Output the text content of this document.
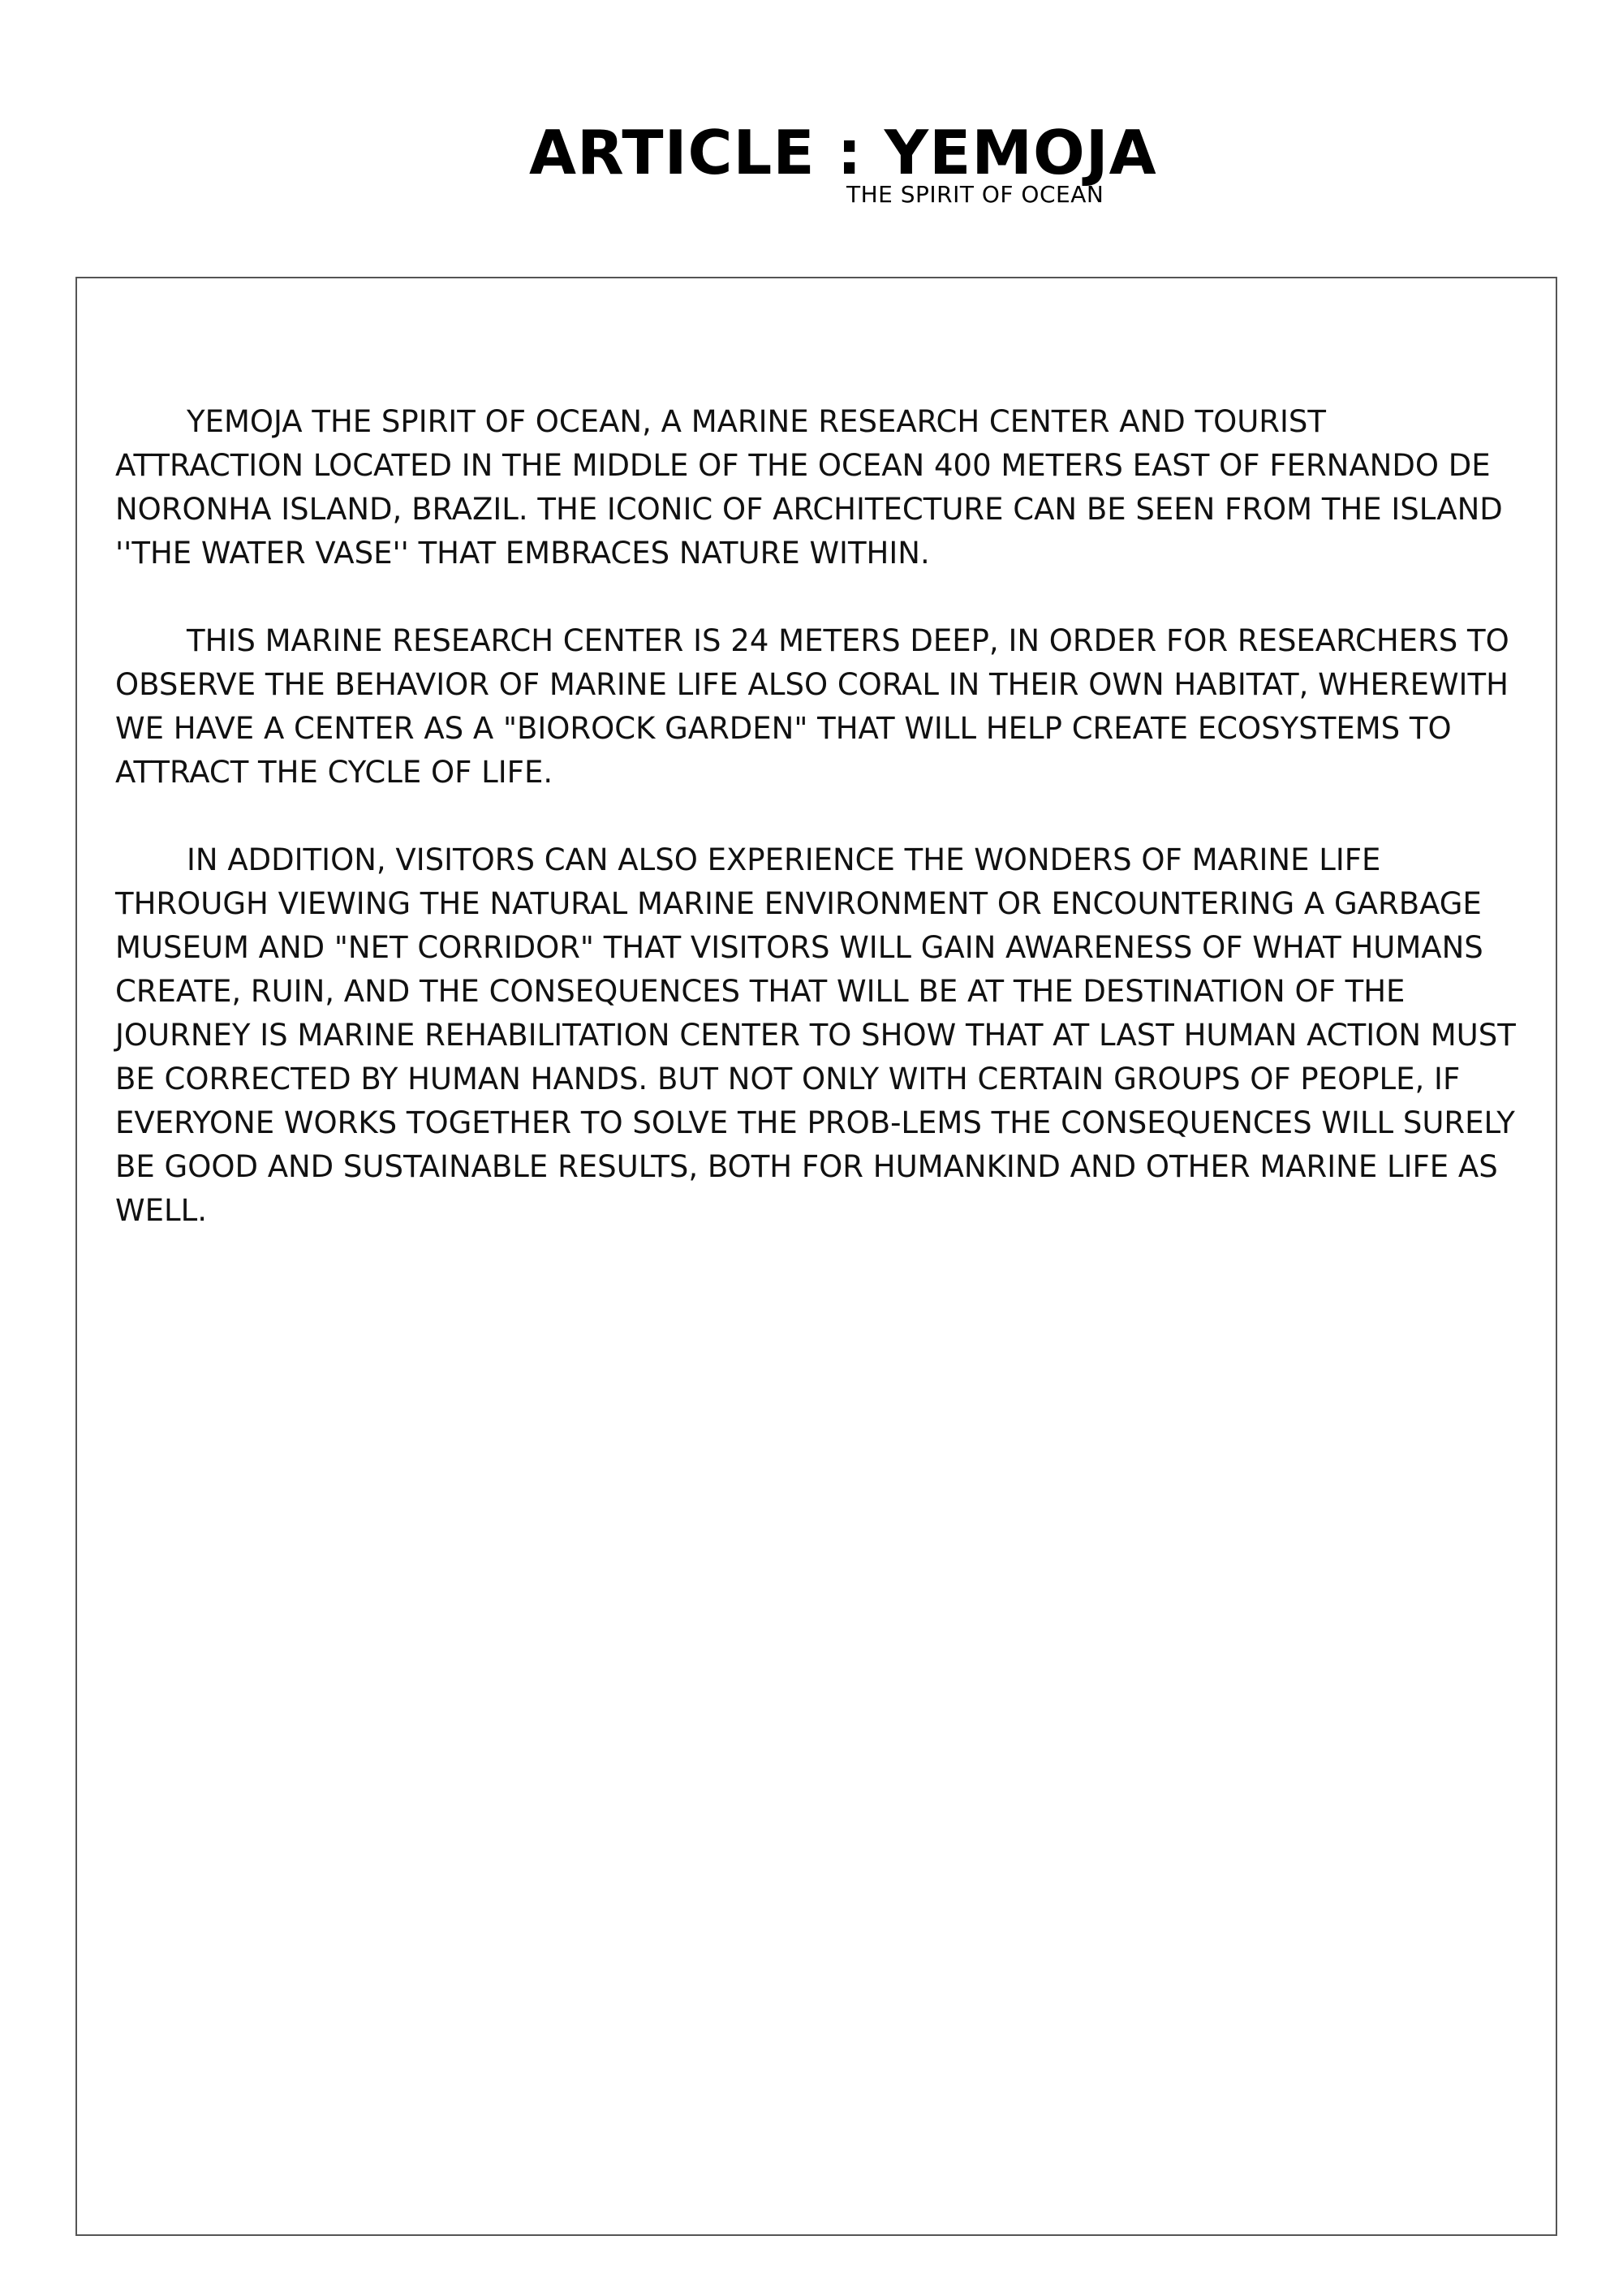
ARTICLE : YEMOJA
THE SPIRIT OF OCEAN

YEMOJA THE SPIRIT OF OCEAN, A MARINE RESEARCH CENTER AND TOURIST ATTRACTION LOCATED IN THE MIDDLE OF THE OCEAN 400 METERS EAST OF FERNANDO DE NORONHA ISLAND, BRAZIL. THE ICONIC OF ARCHITECTURE CAN BE SEEN FROM THE ISLAND ''THE WATER VASE'' THAT EMBRACES NATURE WITHIN.

THIS MARINE RESEARCH CENTER IS 24 METERS DEEP, IN ORDER FOR RESEARCHERS TO OBSERVE THE BEHAVIOR OF MARINE LIFE ALSO CORAL IN THEIR OWN HABITAT, WHEREWITH WE HAVE A CENTER AS A "BIOROCK GARDEN" THAT WILL HELP CREATE ECOSYSTEMS TO ATTRACT THE CYCLE OF LIFE.

IN ADDITION, VISITORS CAN ALSO EXPERIENCE THE WONDERS OF MARINE LIFE THROUGH VIEWING THE NATURAL MARINE ENVIRONMENT OR ENCOUNTERING A GARBAGE MUSEUM AND "NET CORRIDOR" THAT VISITORS WILL GAIN AWARENESS OF WHAT HUMANS CREATE, RUIN, AND THE CONSEQUENCES THAT WILL BE AT THE DESTINATION OF THE JOURNEY IS MARINE REHABILITATION CENTER TO SHOW THAT AT LAST HUMAN ACTION MUST BE CORRECTED BY HUMAN HANDS. BUT NOT ONLY WITH CERTAIN GROUPS OF PEOPLE, IF EVERYONE WORKS TOGETHER TO SOLVE THE PROB-LEMS THE CONSEQUENCES WILL SURELY BE GOOD AND SUSTAINABLE RESULTS, BOTH FOR HUMANKIND AND OTHER MARINE LIFE AS WELL.
